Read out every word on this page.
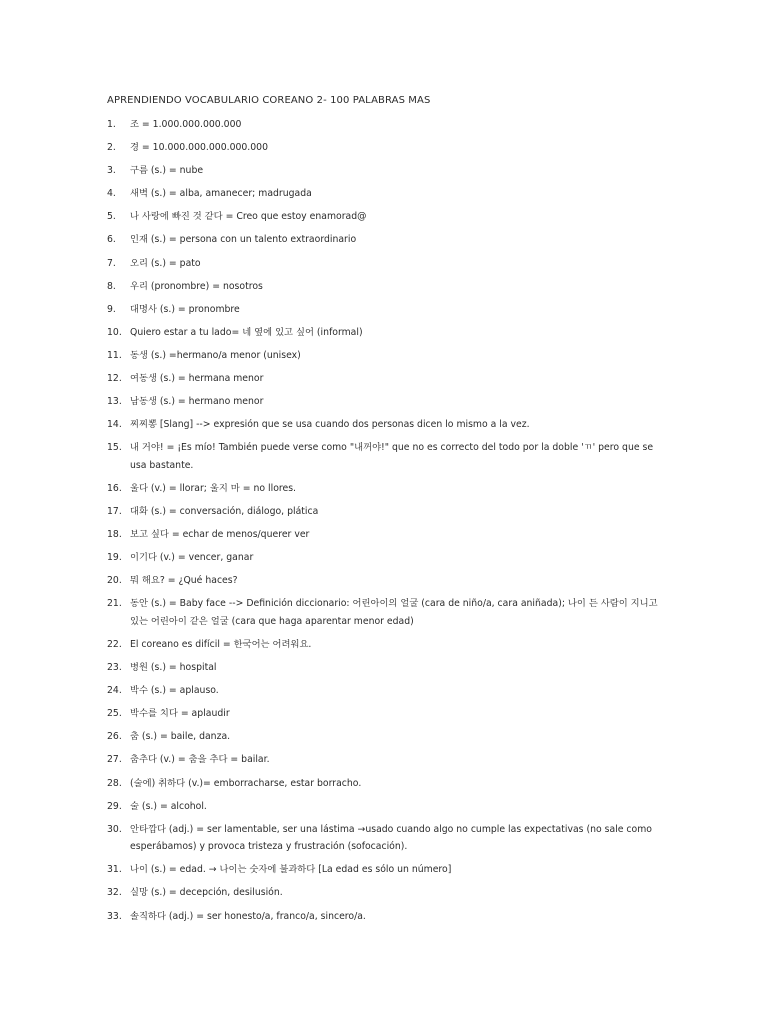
APRENDIENDO VOCABULARIO COREANO 2- 100 PALABRAS MAS
1. 조 = 1.000.000.000.000
2. 경 = 10.000.000.000.000.000
3. 구름 (s.) = nube
4. 새벽 (s.) = alba, amanecer; madrugada
5. 나 사랑에 빠진 것 같다 = Creo que estoy enamorad@
6. 인재 (s.) = persona con un talento extraordinario
7. 오리 (s.) = pato
8. 우리 (pronombre) = nosotros
9. 대명사 (s.) = pronombre
10. Quiero estar a tu lado= 네 옆에 있고 싶어 (informal)
11. 동생 (s.) =hermano/a menor (unisex)
12. 여동생 (s.) = hermana menor
13. 남동생 (s.) = hermano menor
14. 찌찌뽕 [Slang] --> expresión que se usa cuando dos personas dicen lo mismo a la vez.
15. 내 거야! = ¡Es mío! También puede verse como "내꺼야!" que no es correcto del todo por la doble 'ㄲ' pero que se usa bastante.
16. 울다 (v.) = llorar; 울지 마 = no llores.
17. 대화 (s.) = conversación, diálogo, plática
18. 보고 싶다 = echar de menos/querer ver
19. 이기다 (v.) = vencer, ganar
20. 뭐 해요? = ¿Qué haces?
21. 동안 (s.) = Baby face --> Definición diccionario: 어린아이의 얼굴 (cara de niño/a, cara aniñada); 나이 든 사람이 지니고 있는 어린아이 같은 얼굴 (cara que haga aparentar menor edad)
22. El coreano es difícil = 한국어는 어려워요.
23. 병원 (s.) = hospital
24. 박수 (s.) = aplauso.
25. 박수를 치다 = aplaudir
26. 춤 (s.) = baile, danza.
27. 춤추다 (v.) = 춤을 추다 = bailar.
28. (술에) 취하다 (v.)= emborracharse, estar borracho.
29. 술 (s.) = alcohol.
30. 안타깝다 (adj.) = ser lamentable, ser una lástima →usado cuando algo no cumple las expectativas (no sale como esperábamos) y provoca tristeza y frustración (sofocación).
31. 나이 (s.) = edad. → 나이는 숫자에 불과하다 [La edad es sólo un número]
32. 실망 (s.) = decepción, desilusión.
33. 솔직하다 (adj.) = ser honesto/a, franco/a, sincero/a.
